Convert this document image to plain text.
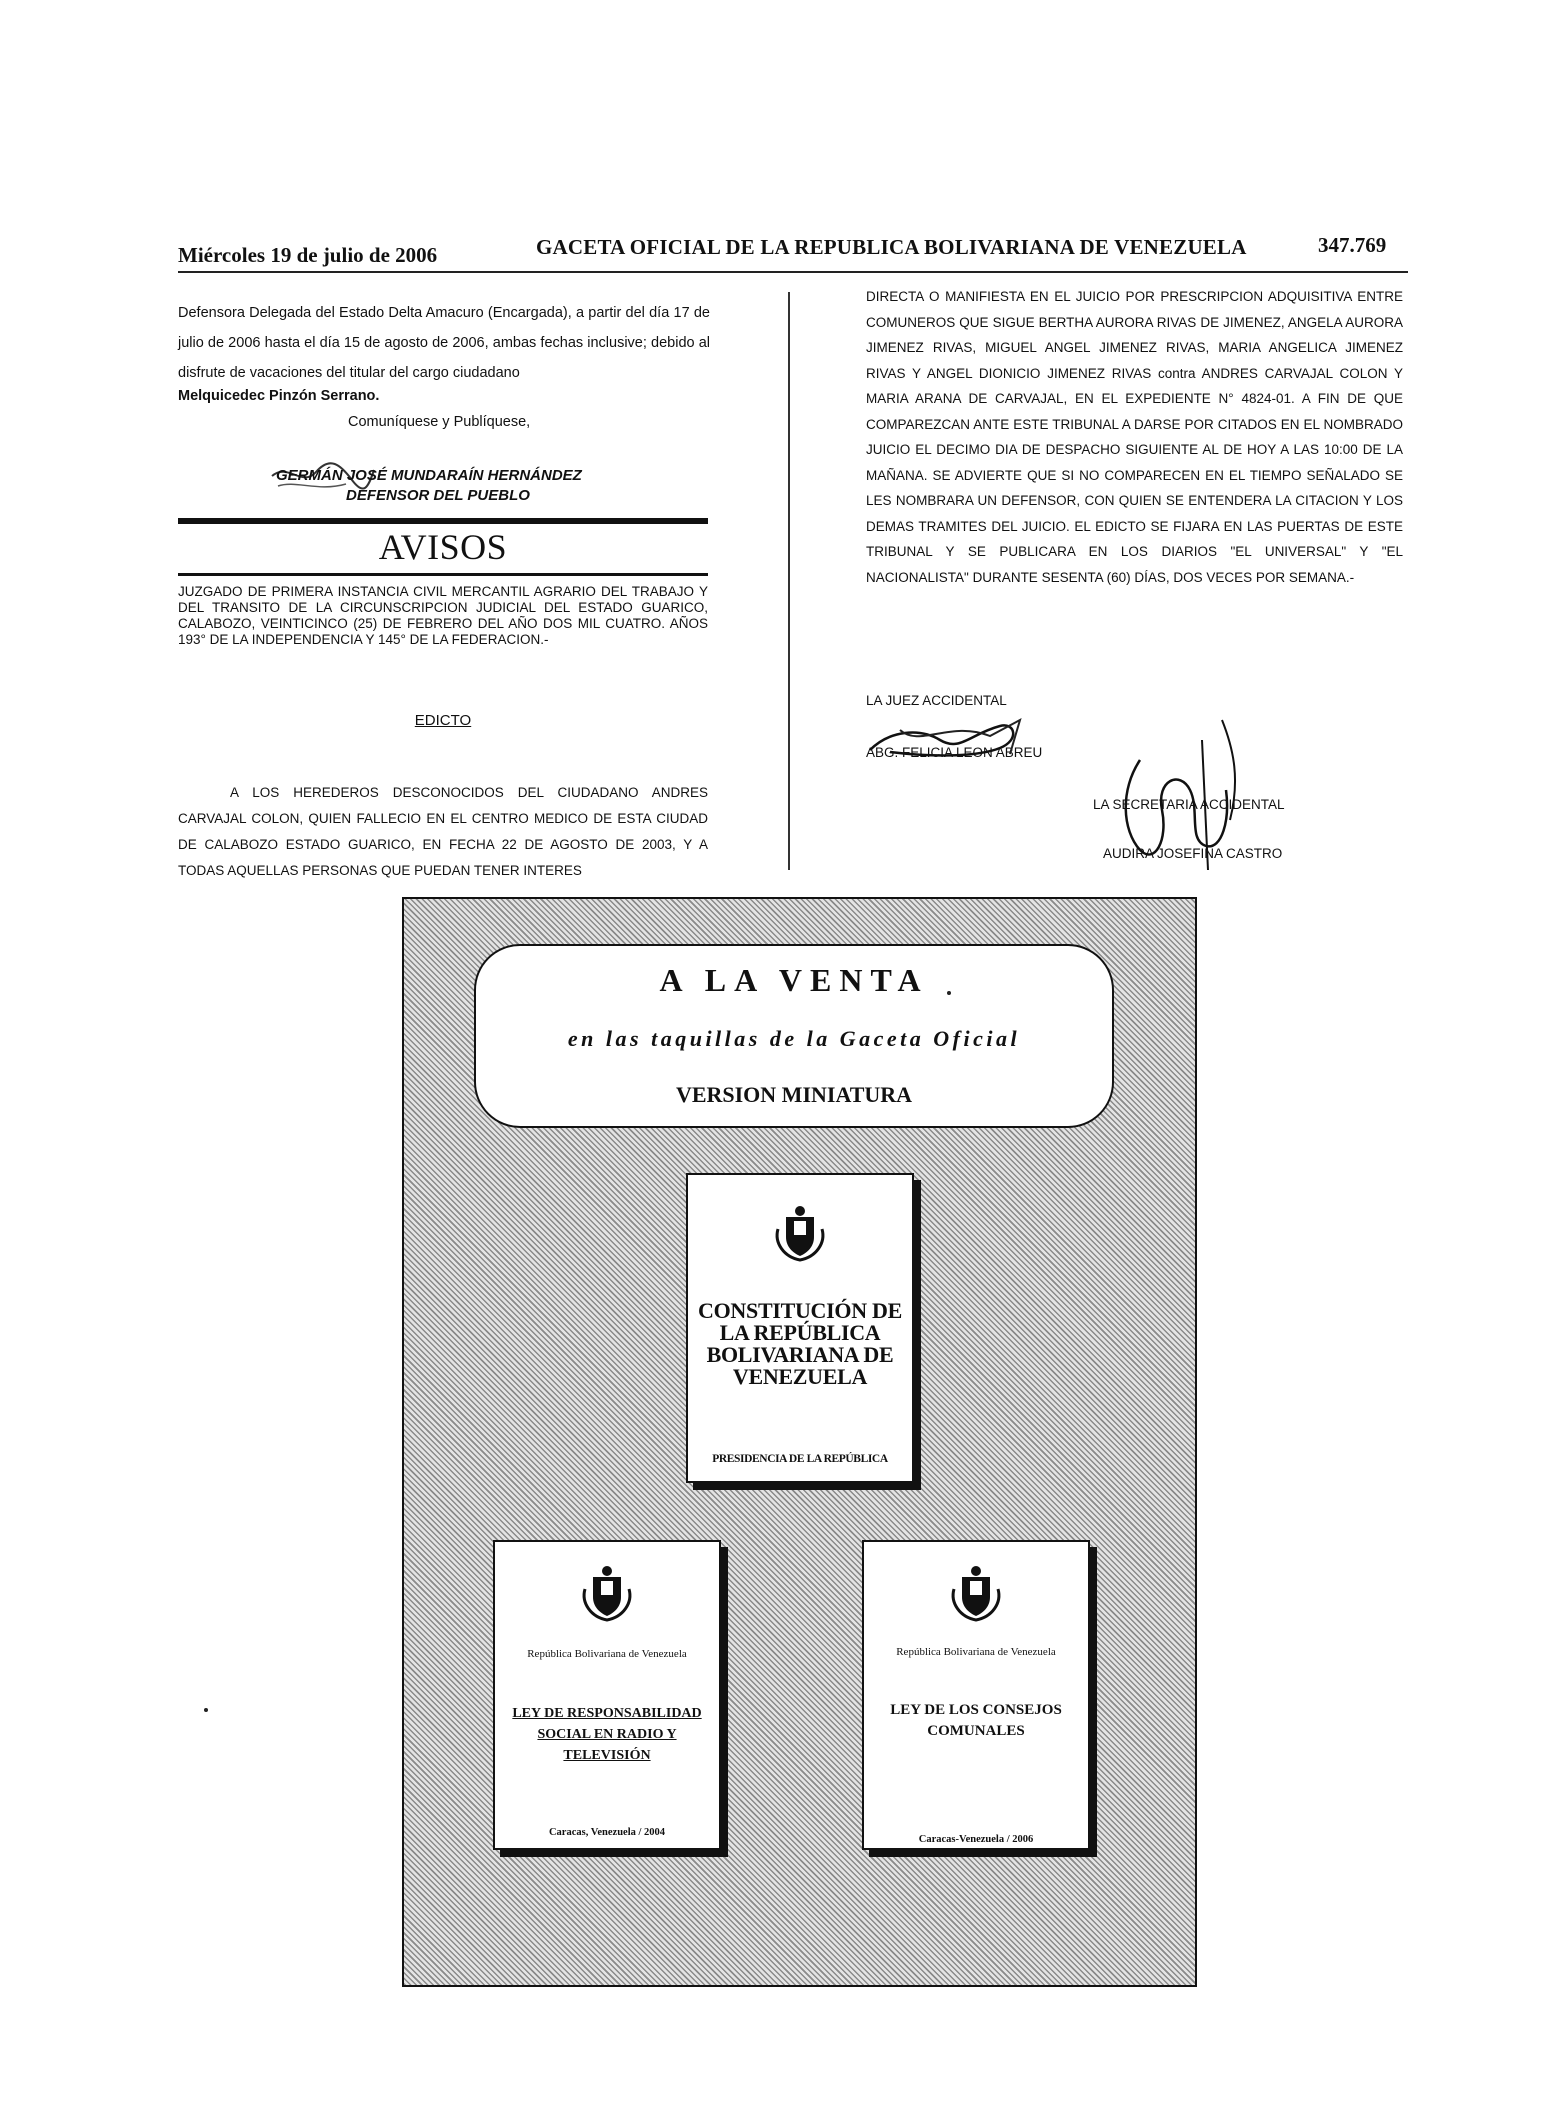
Miércoles 19 de julio de 2006	GACETA OFICIAL DE LA REPUBLICA BOLIVARIANA DE VENEZUELA	347.769
Defensora Delegada del Estado Delta Amacuro (Encargada), a partir del día 17 de julio de 2006 hasta el día 15 de agosto de 2006, ambas fechas inclusive; debido al disfrute de vacaciones del titular del cargo ciudadano
Melquicedec Pinzón Serrano.
Comuníquese y Publíquese,
GERMÁN JOSÉ MUNDARAÍN HERNÁNDEZ
DEFENSOR DEL PUEBLO
AVISOS
JUZGADO DE PRIMERA INSTANCIA CIVIL MERCANTIL AGRARIO DEL TRABAJO Y DEL TRANSITO DE LA CIRCUNSCRIPCION JUDICIAL DEL ESTADO GUARICO, CALABOZO, VEINTICINCO (25) DE FEBRERO DEL AÑO DOS MIL CUATRO. AÑOS 193° DE LA INDEPENDENCIA Y 145° DE LA FEDERACION.-
EDICTO
A LOS HEREDEROS DESCONOCIDOS DEL CIUDADANO ANDRES CARVAJAL COLON, QUIEN FALLECIO EN EL CENTRO MEDICO DE ESTA CIUDAD DE CALABOZO ESTADO GUARICO, EN FECHA 22 DE AGOSTO DE 2003, Y A TODAS AQUELLAS PERSONAS QUE PUEDAN TENER INTERES
DIRECTA O MANIFIESTA EN EL JUICIO POR PRESCRIPCION ADQUISITIVA ENTRE COMUNEROS QUE SIGUE BERTHA AURORA RIVAS DE JIMENEZ, ANGELA AURORA JIMENEZ RIVAS, MIGUEL ANGEL JIMENEZ RIVAS, MARIA ANGELICA JIMENEZ RIVAS Y ANGEL DIONICIO JIMENEZ RIVAS contra ANDRES CARVAJAL COLON Y MARIA ARANA DE CARVAJAL, EN EL EXPEDIENTE N° 4824-01. A FIN DE QUE COMPAREZCAN ANTE ESTE TRIBUNAL A DARSE POR CITADOS EN EL NOMBRADO JUICIO EL DECIMO DIA DE DESPACHO SIGUIENTE AL DE HOY A LAS 10:00 DE LA MAÑANA. SE ADVIERTE QUE SI NO COMPARECEN EN EL TIEMPO SEÑALADO SE LES NOMBRARA UN DEFENSOR, CON QUIEN SE ENTENDERA LA CITACION Y LOS DEMAS TRAMITES DEL JUICIO. EL EDICTO SE FIJARA EN LAS PUERTAS DE ESTE TRIBUNAL Y SE PUBLICARA EN LOS DIARIOS "EL UNIVERSAL" Y "EL NACIONALISTA" DURANTE SESENTA (60) DÍAS, DOS VECES POR SEMANA.-
LA JUEZ ACCIDENTAL
ABG. FELICIA LEON ABREU
LA SECRETARIA ACCIDENTAL
AUDIRA JOSEFINA CASTRO
A LA VENTA
en las taquillas de la Gaceta Oficial
VERSION MINIATURA
CONSTITUCIÓN DE LA REPÚBLICA BOLIVARIANA DE VENEZUELA
PRESIDENCIA DE LA REPÚBLICA
República Bolivariana de Venezuela
LEY DE RESPONSABILIDAD SOCIAL EN RADIO Y TELEVISIÓN
Caracas, Venezuela / 2004
República Bolivariana de Venezuela
LEY DE LOS CONSEJOS COMUNALES
Caracas-Venezuela / 2006
